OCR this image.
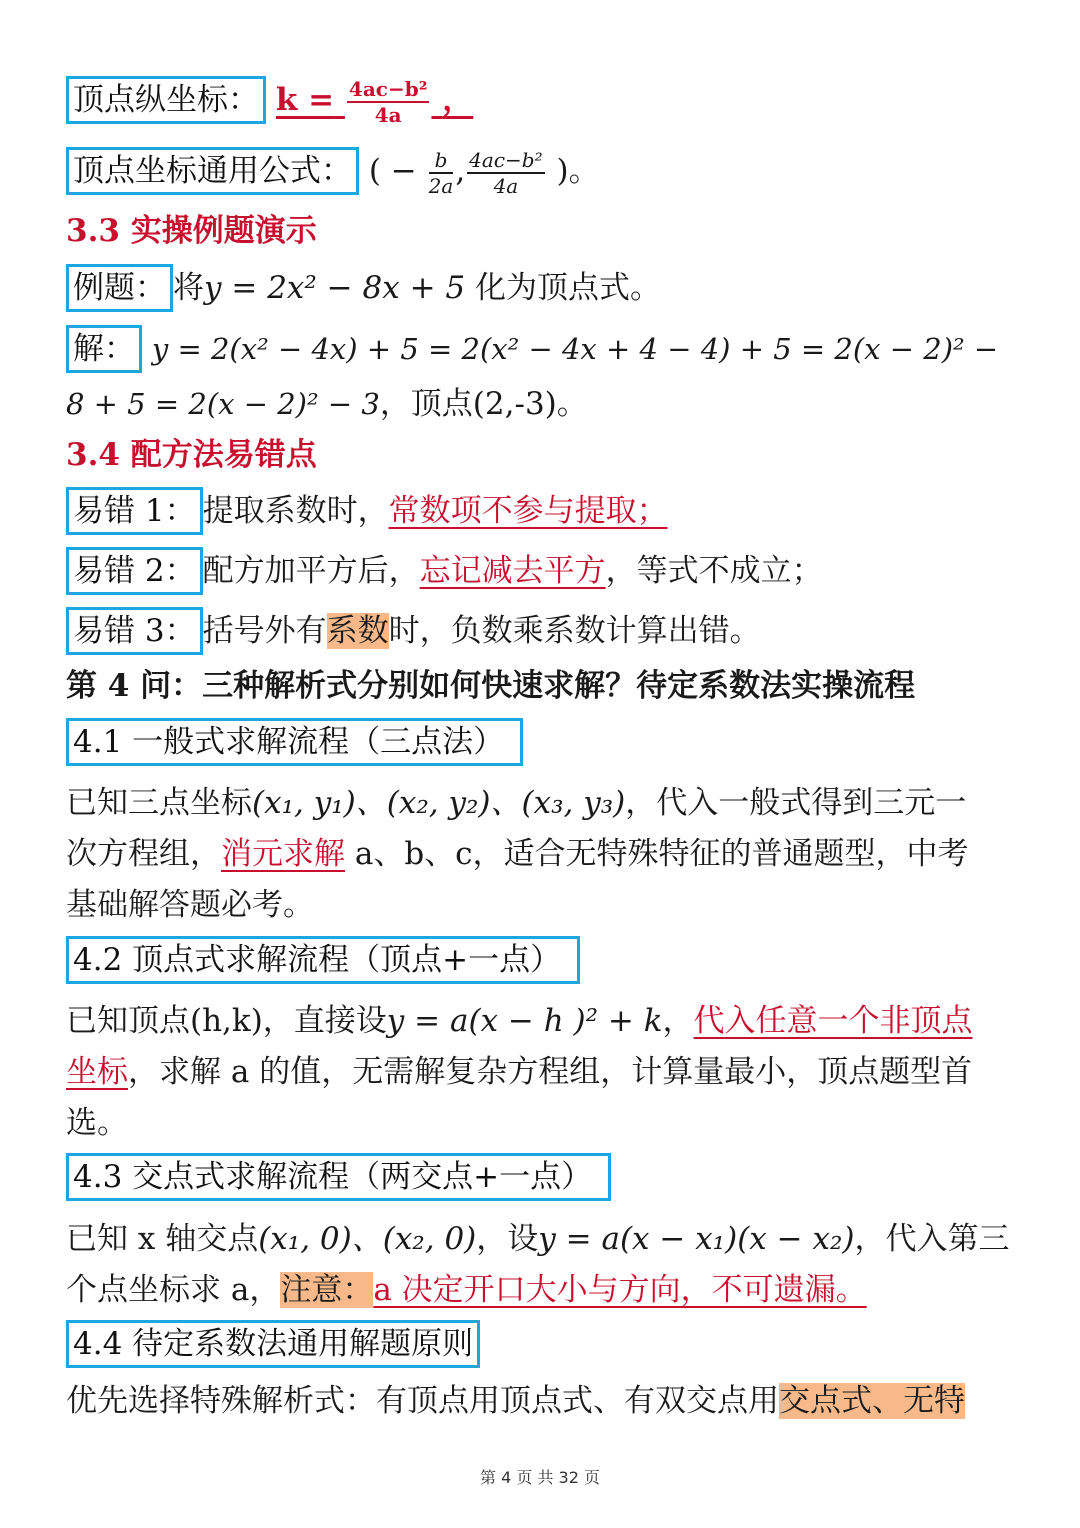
顶点纵坐标： $k = \frac{\text{4ac−b²}}{4a}$ ，
顶点坐标通用公式： ( − $\frac{b}{2a}$ , $\frac{\text{4ac−b²}}{4a}$ )。
3.3 实操例题演示
例题： 将y = 2x² − 8x + 5 化为顶点式。
解： y = 2(x² − 4x) + 5 = 2(x² − 4x + 4 − 4) + 5 = 2(x − 2)² −
8 + 5 = 2(x − 2)² − 3，顶点(2,-3)。
3.4 配方法易错点
易错 1： 提取系数时，常数项不参与提取；
易错 2： 配方加平方后，忘记减去平方，等式不成立；
易错 3： 括号外有系数时，负数乘系数计算出错。
第 4 问：三种解析式分别如何快速求解？待定系数法实操流程
4.1 一般式求解流程（三点法）
已知三点坐标(x₁, y₁)、(x₂, y₂)、(x₃, y₃)，代入一般式得到三元一
次方程组，消元求解 a、b、c，适合无特殊特征的普通题型，中考
基础解答题必考。
4.2 顶点式求解流程（顶点+一点）
已知顶点(h,k)，直接设y = a(x − ℎ )² + k，代入任意一个非顶点
坐标，求解 a 的值，无需解复杂方程组，计算量最小，顶点题型首
选。
4.3 交点式求解流程（两交点+一点）
已知 x 轴交点(x₁, 0)、(x₂, 0)，设y = a(x − x₁)(x − x₂)，代入第三
个点坐标求 a，注意：a 决定开口大小与方向，不可遗漏。
4.4 待定系数法通用解题原则
优先选择特殊解析式：有顶点用顶点式、有双交点用交点式、无特
第 4 页 共 32 页
